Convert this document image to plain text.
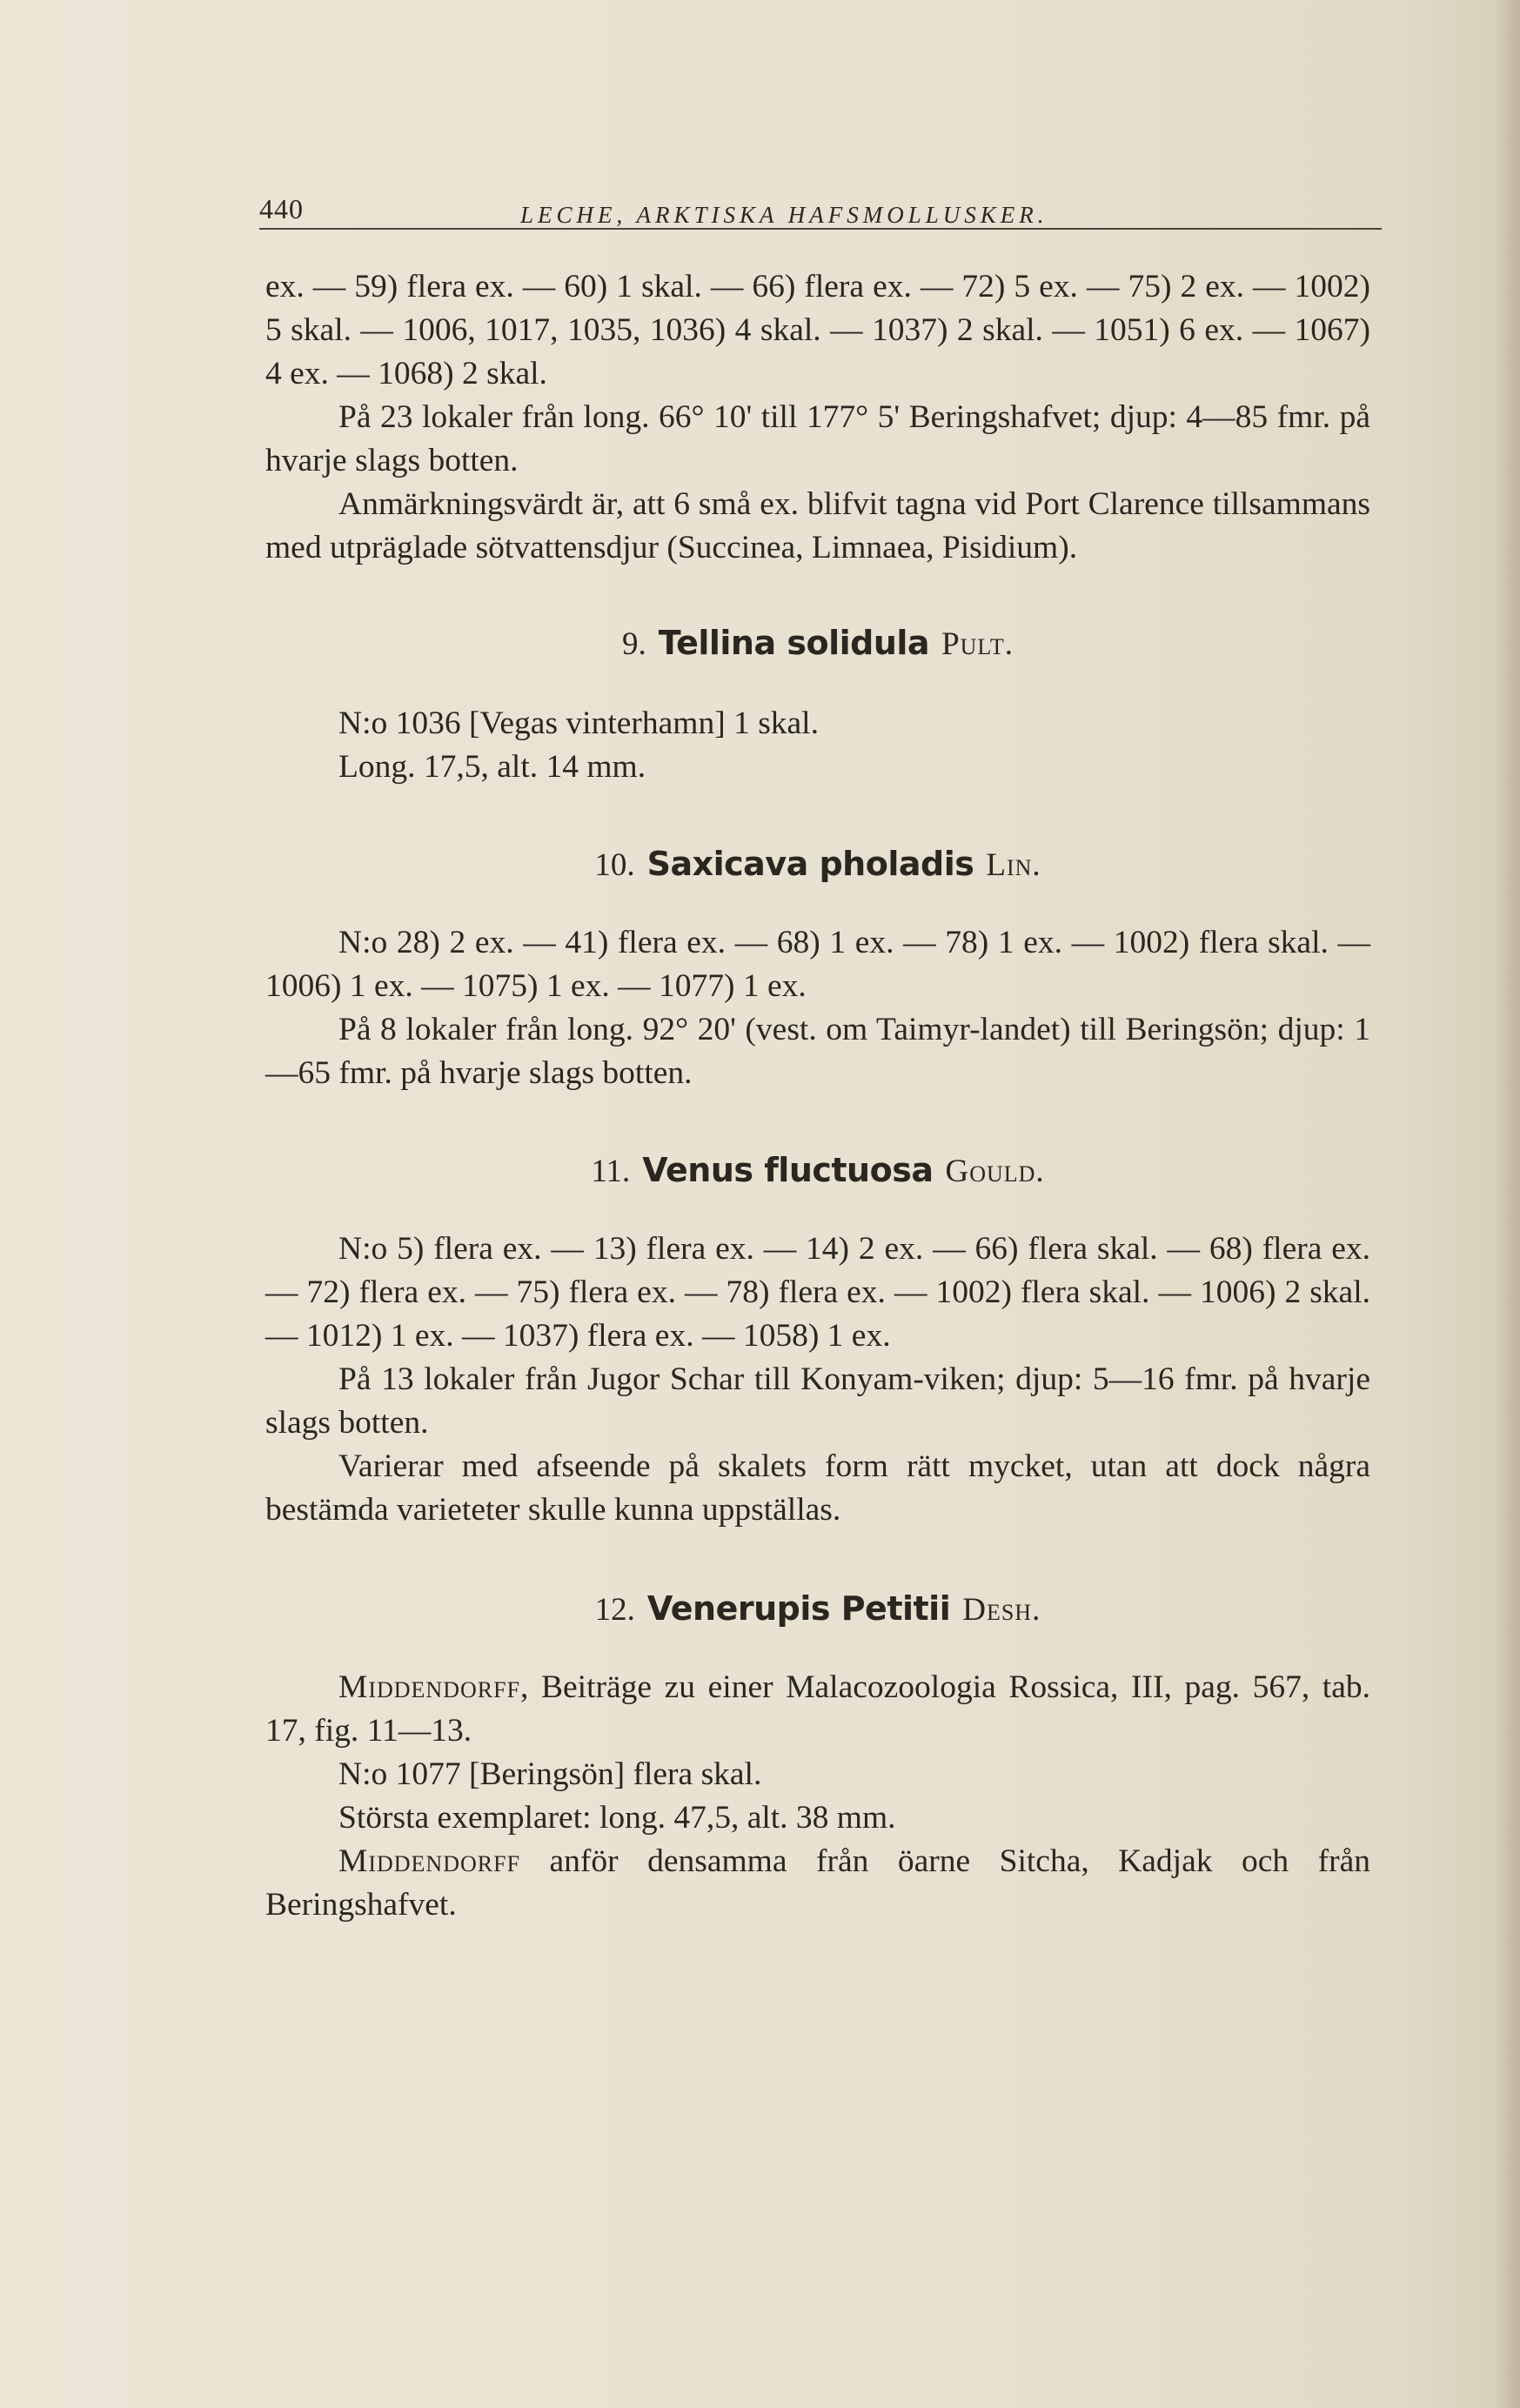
440	LECHE, ARKTISKA HAFSMOLLUSKER.

ex. — 59) flera ex. — 60) 1 skal. — 66) flera ex. — 72) 5 ex. — 75) 2 ex. — 1002) 5 skal. — 1006, 1017, 1035, 1036) 4 skal. — 1037) 2 skal. — 1051) 6 ex. — 1067) 4 ex. — 1068) 2 skal.

På 23 lokaler från long. 66° 10' till 177° 5' Beringshafvet; djup: 4—85 fmr. på hvarje slags botten.

Anmärkningsvärdt är, att 6 små ex. blifvit tagna vid Port Clarence tillsammans med utpräglade sötvattensdjur (Succinea, Limnaea, Pisidium).

9. Tellina solidula Pult.

N:o 1036 [Vegas vinterhamn] 1 skal.

Long. 17,5, alt. 14 mm.

10. Saxicava pholadis Lin.

N:o 28) 2 ex. — 41) flera ex. — 68) 1 ex. — 78) 1 ex. — 1002) flera skal. — 1006) 1 ex. — 1075) 1 ex. — 1077) 1 ex.

På 8 lokaler från long. 92° 20' (vest. om Taimyr-landet) till Beringsön; djup: 1—65 fmr. på hvarje slags botten.

11. Venus fluctuosa Gould.

N:o 5) flera ex. — 13) flera ex. — 14) 2 ex. — 66) flera skal. — 68) flera ex. — 72) flera ex. — 75) flera ex. — 78) flera ex. — 1002) flera skal. — 1006) 2 skal. — 1012) 1 ex. — 1037) flera ex. — 1058) 1 ex.

På 13 lokaler från Jugor Schar till Konyam-viken; djup: 5—16 fmr. på hvarje slags botten.

Varierar med afseende på skalets form rätt mycket, utan att dock några bestämda varieteter skulle kunna uppställas.

12. Venerupis Petitii Desh.

Middendorff, Beiträge zu einer Malacozoologia Rossica, III, pag. 567, tab. 17, fig. 11—13.

N:o 1077 [Beringsön] flera skal.

Största exemplaret: long. 47,5, alt. 38 mm.

Middendorff anför densamma från öarne Sitcha, Kadjak och från Beringshafvet.
